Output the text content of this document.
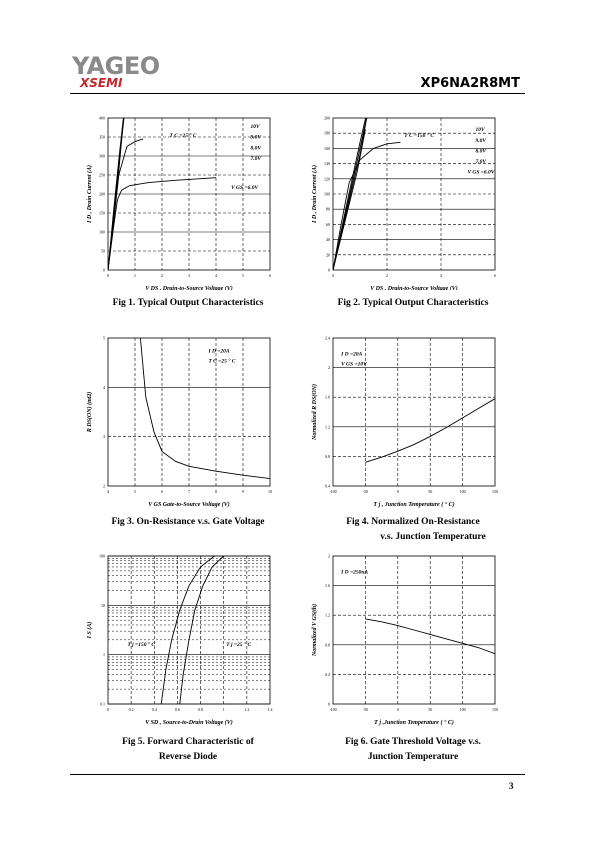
YAGEO
XSEMI	XP6NA2R8MT
0	1	2	3	4	5	6
0
50
100
150
200
250
300
350
400
V DS , Drain-to-Source Voltage (V)
I D , Drain Current (A)
T C =25 ° C
10V
9.0V
8.0V
7.0V
V GS =6.0V
0	2	4	6
0
20
40
60
80
100
120
140
160
180
200
V DS , Drain-to-Source Voltage (V)
I D , Drain Current (A)
T C =150 ° C
10V
9.0V
8.0V
7.0V
V GS =6.0V
4	5	6	7	8	9	10
2
3
4
5
V GS Gate-to-Source Voltage (V)
R DS(ON) (mΩ)
I D =20A
T C =25 ° C
-100	-50	0	50	100	150
0.4
0.8
1.2
1.6
2
2.4
T j , Junction Temperature ( ° C)
Normalized R DS(ON)
I D =20A
V GS =10V
0	0.2	0.4	0.6	0.8	1	1.2	1.4
0.1
1
10
100
V SD , Source-to-Drain Voltage (V)
I S (A)
T j =150 ° C	T j =25 ° C
-100	-50	0	50	100	150
0
0.4
0.8
1.2
1.6
2
T j ,Junction Temperature ( ° C)
Normalized V GS(th)
I D =250uA
Fig 1. Typical Output Characteristics	Fig 2. Typical Output Characteristics
Fig 3. On-Resistance v.s. Gate Voltage	Fig 4. Normalized On-Resistance
v.s. Junction Temperature
Fig 5. Forward Characteristic of
Reverse Diode
Fig 6. Gate Threshold Voltage v.s.
Junction Temperature
3
